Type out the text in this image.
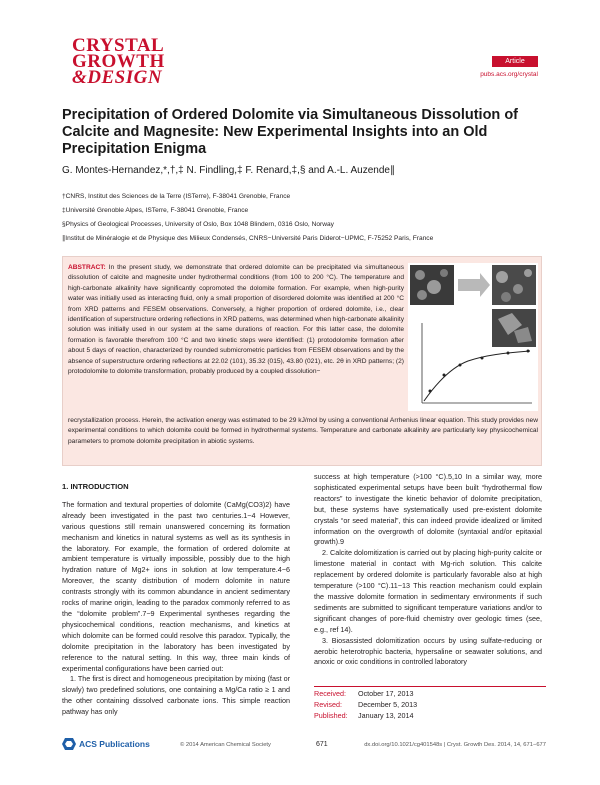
CRYSTAL
GROWTH
&DESIGN
Article
pubs.acs.org/crystal
Precipitation of Ordered Dolomite via Simultaneous Dissolution of Calcite and Magnesite: New Experimental Insights into an Old Precipitation Enigma
G. Montes-Hernandez,*,†,‡ N. Findling,‡ F. Renard,‡,§ and A.-L. Auzende∥
†CNRS, Institut des Sciences de la Terre (ISTerre), F-38041 Grenoble, France
‡Université Grenoble Alpes, ISTerre, F-38041 Grenoble, France
§Physics of Geological Processes, University of Oslo, Box 1048 Blindern, 0316 Oslo, Norway
∥Institut de Minéralogie et de Physique des Milieux Condensés, CNRS−Université Paris Diderot−UPMC, F-75252 Paris, France
ABSTRACT: In the present study, we demonstrate that ordered dolomite can be precipitated via simultaneous dissolution of calcite and magnesite under hydrothermal conditions (from 100 to 200 °C). The temperature and high-carbonate alkalinity have significantly copromoted the dolomite formation. For example, when high-purity water was initially used as interacting fluid, only a small proportion of disordered dolomite was identified at 200 °C from XRD patterns and FESEM observations. Conversely, a higher proportion of ordered dolomite, i.e., clear identification of superstructure ordering reflections in XRD patterns, was determined when high-carbonate alkalinity solution was initially used in our system at the same durations of reaction. For this latter case, the dolomite formation is favorable therefrom 100 °C and two kinetic steps were identified: (1) protodolomite formation after about 5 days of reaction, characterized by rounded submicrometric particles from FESEM observations and by the absence of superstructure ordering reflections at 22.02 (101), 35.32 (015), 43.80 (021), etc. 2θ in XRD patterns; (2) protodolomite to dolomite transformation, probably produced by a coupled dissolution−
recrystallization process. Herein, the activation energy was estimated to be 29 kJ/mol by using a conventional Arrhenius linear equation. This study provides new experimental conditions to which dolomite could be formed in hydrothermal systems. Temperature and carbonate alkalinity are particularly key physicochemical parameters to promote dolomite precipitation in abiotic systems.
1. INTRODUCTION

The formation and textural properties of dolomite (CaMg(CO3)2) have already been investigated in the past two centuries.1−4 However, various questions still remain unanswered concerning its formation mechanism and kinetics in natural systems as well as its synthesis in the laboratory. For example, the formation of ordered dolomite at ambient temperature is virtually impossible, possibly due to the high hydration nature of Mg2+ ions in solution at low temperature.4−6 Moreover, the scanty distribution of modern dolomite in nature contrasts strongly with its common abundance in ancient sedimentary rocks of marine origin, leading to the paradox commonly referred to as the “dolomite problem”.7−9 Experimental syntheses regarding the physicochemical conditions, reaction mechanisms, and kinetics at which dolomite can be formed could resolve this paradox. Typically, the dolomite precipitation in the laboratory has been investigated by reference to the natural setting. In this way, three main kinds of experimental configurations have been carried out:

1. The first is direct and homogeneous precipitation by mixing (fast or slowly) two predefined solutions, one containing a Mg/Ca ratio ≥ 1 and the other containing dissolved carbonate ions. This simple reaction pathway has only

success at high temperature (>100 °C).5,10 In a similar way, more sophisticated experimental setups have been built “hydrothermal flow reactors” to investigate the kinetic behavior of dolomite precipitation, but, these systems have systematically used pre-existent dolomite crystals “or seed material”, this can indeed provide idealized or limited information on the overgrowth of dolomite (syntaxial and/or epitaxial growth).9

2. Calcite dolomitization is carried out by placing high-purity calcite or limestone material in contact with Mg-rich solution. This calcite replacement by ordered dolomite is particularly favorable also at high temperature (>100 °C).11−13 This reaction mechanism could explain the massive dolomite formation in sedimentary environments if such sediments are submitted to significant temperature variations and/or to significant changes of pore-fluid chemistry over geologic times (see, e.g., ref 14).

3. Biosassisted dolomitization occurs by using sulfate-reducing or aerobic heterotrophic bacteria, hypersaline or seawater solutions, and anoxic or oxic conditions in controlled laboratory

Received:	October 17, 2013
Revised:	December 5, 2013
Published:	January 13, 2014
ACS Publications	© 2014 American Chemical Society	671	dx.doi.org/10.1021/cg401548s | Cryst. Growth Des. 2014, 14, 671−677
